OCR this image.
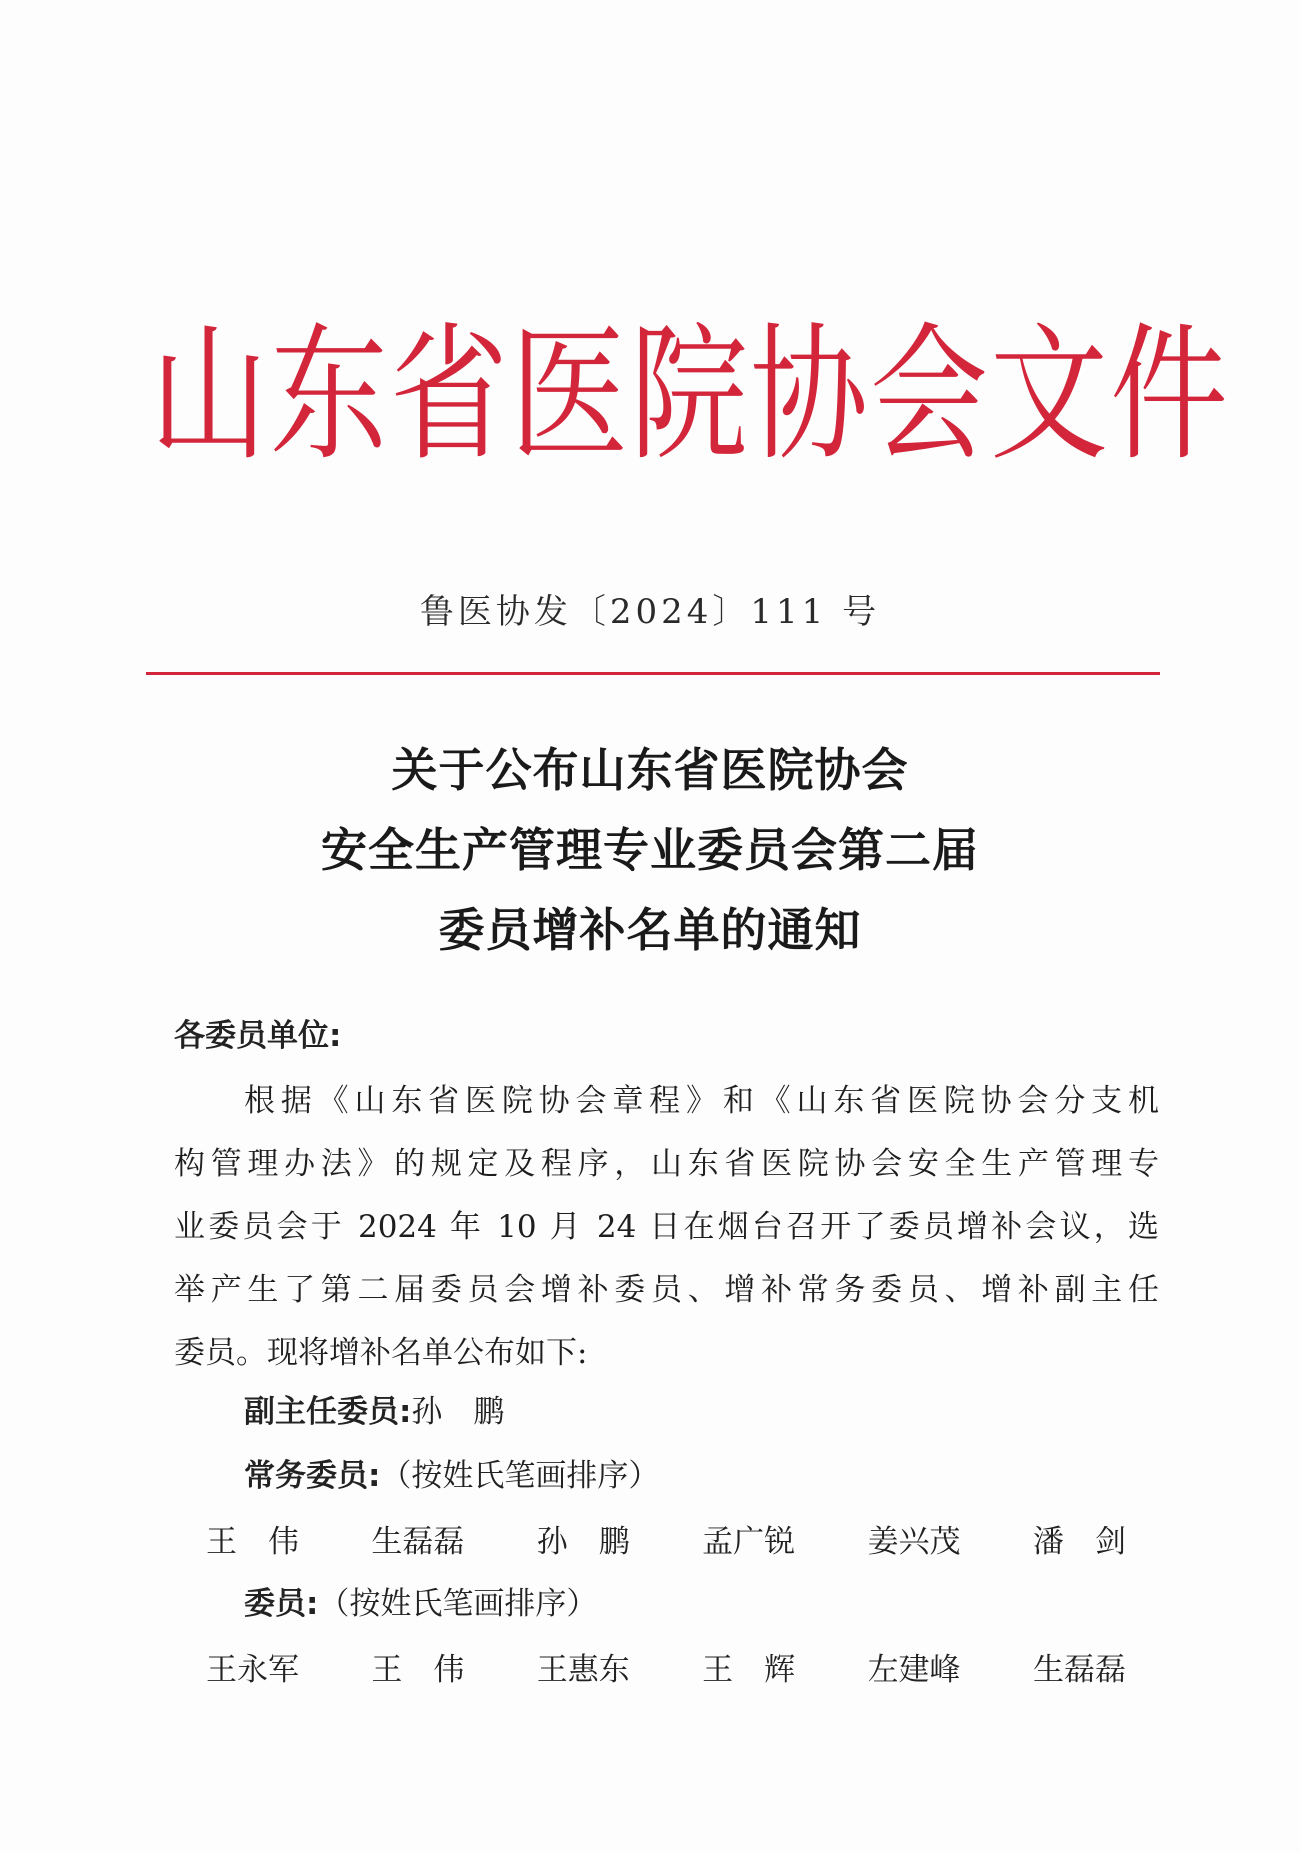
山东省医院协会文件
鲁医协发〔2024〕111 号
关于公布山东省医院协会
安全生产管理专业委员会第二届
委员增补名单的通知
各委员单位:
根据《山东省医院协会章程》和《山东省医院协会分支机
构管理办法》的规定及程序，山东省医院协会安全生产管理专
业委员会于 2024 年 10 月 24 日在烟台召开了委员增补会议，选
举产生了第二届委员会增补委员、增补常务委员、增补副主任
委员。现将增补名单公布如下:
副主任委员:孙　鹏
常务委员:（按姓氏笔画排序）
王　伟 生磊磊 孙　鹏 孟广锐 姜兴茂 潘　剑
委员:（按姓氏笔画排序）
王永军 王　伟 王惠东 王　辉 左建峰 生磊磊
